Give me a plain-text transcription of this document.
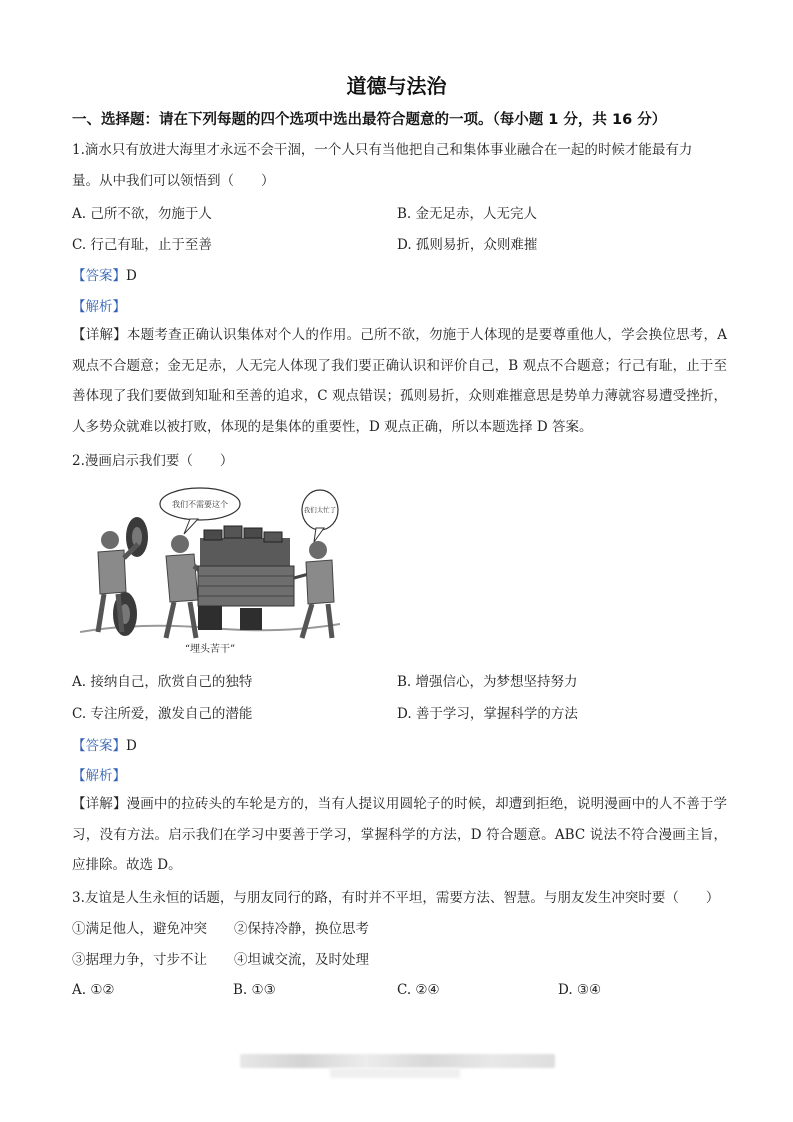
道德与法治
一、选择题：请在下列每题的四个选项中选出最符合题意的一项。（每小题 1 分，共 16 分）
1.滴水只有放进大海里才永远不会干涸，一个人只有当他把自己和集体事业融合在一起的时候才能最有力
量。从中我们可以领悟到（　　）
A. 己所不欲，勿施于人	B. 金无足赤，人无完人
C. 行己有耻，止于至善	D. 孤则易折，众则难摧
【答案】D
【解析】
【详解】本题考查正确认识集体对个人的作用。己所不欲，勿施于人体现的是要尊重他人，学会换位思考，A 观点不合题意；金无足赤，人无完人体现了我们要正确认识和评价自己，B 观点不合题意；行己有耻，止于至善体现了我们要做到知耻和至善的追求，C 观点错误；孤则易折，众则难摧意思是势单力薄就容易遭受挫折，人多势众就难以被打败，体现的是集体的重要性，D 观点正确，所以本题选择 D 答案。
2.漫画启示我们要（　　）
我们不需要这个
我们太忙了
“埋头苦干”
A. 接纳自己，欣赏自己的独特	B. 增强信心，为梦想坚持努力
C. 专注所爱，激发自己的潜能	D. 善于学习，掌握科学的方法
【答案】D
【解析】
【详解】漫画中的拉砖头的车轮是方的，当有人提议用圆轮子的时候，却遭到拒绝，说明漫画中的人不善于学习，没有方法。启示我们在学习中要善于学习，掌握科学的方法，D 符合题意。ABC 说法不符合漫画主旨，应排除。故选 D。
3.友谊是人生永恒的话题，与朋友同行的路，有时并不平坦，需要方法、智慧。与朋友发生冲突时要（　　）
①满足他人，避免冲突　　②保持冷静，换位思考
③据理力争，寸步不让　　④坦诚交流，及时处理
A. ①②	B. ①③	C. ②④	D. ③④
